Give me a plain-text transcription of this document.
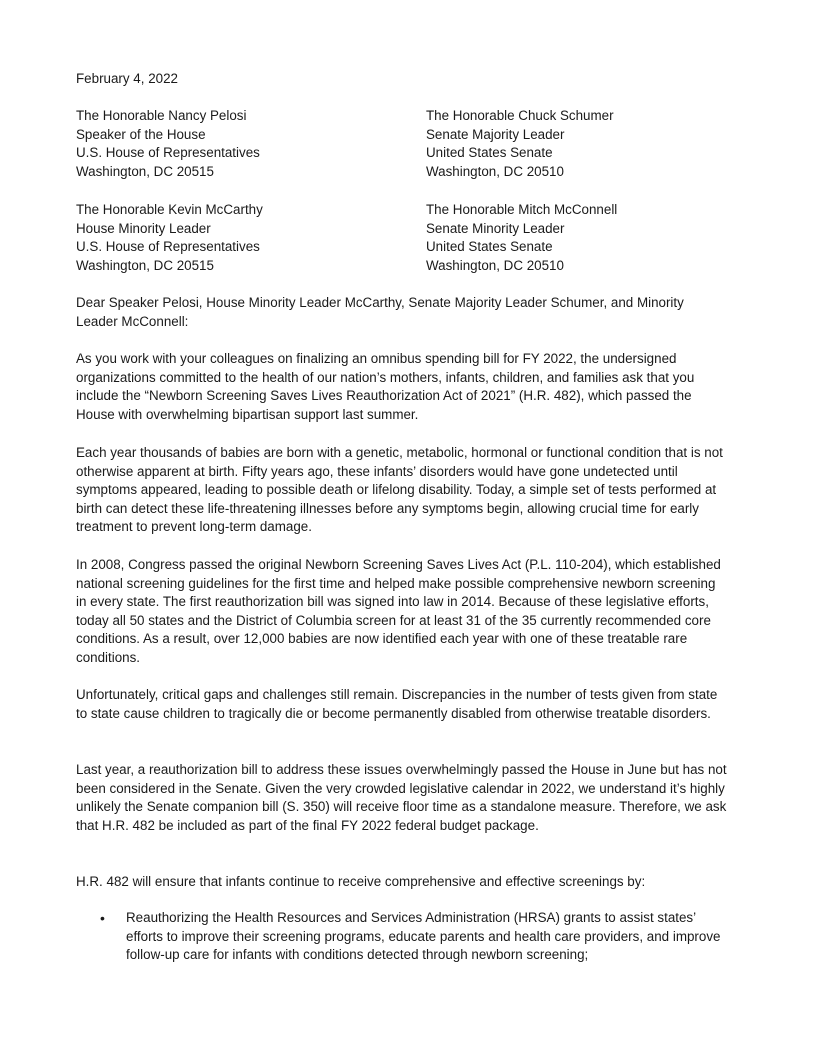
February 4, 2022
The Honorable Nancy Pelosi
Speaker of the House
U.S. House of Representatives
Washington, DC 20515
The Honorable Chuck Schumer
Senate Majority Leader
United States Senate
Washington, DC 20510
The Honorable Kevin McCarthy
House Minority Leader
U.S. House of Representatives
Washington, DC 20515
The Honorable Mitch McConnell
Senate Minority Leader
United States Senate
Washington, DC 20510

Dear Speaker Pelosi, House Minority Leader McCarthy, Senate Majority Leader Schumer, and Minority Leader McConnell:

As you work with your colleagues on finalizing an omnibus spending bill for FY 2022, the undersigned organizations committed to the health of our nation’s mothers, infants, children, and families ask that you include the “Newborn Screening Saves Lives Reauthorization Act of 2021” (H.R. 482), which passed the House with overwhelming bipartisan support last summer.

Each year thousands of babies are born with a genetic, metabolic, hormonal or functional condition that is not otherwise apparent at birth. Fifty years ago, these infants’ disorders would have gone undetected until symptoms appeared, leading to possible death or lifelong disability. Today, a simple set of tests performed at birth can detect these life-threatening illnesses before any symptoms begin, allowing crucial time for early treatment to prevent long-term damage.

In 2008, Congress passed the original Newborn Screening Saves Lives Act (P.L. 110-204), which established national screening guidelines for the first time and helped make possible comprehensive newborn screening in every state. The first reauthorization bill was signed into law in 2014. Because of these legislative efforts, today all 50 states and the District of Columbia screen for at least 31 of the 35 currently recommended core conditions. As a result, over 12,000 babies are now identified each year with one of these treatable rare conditions.

Unfortunately, critical gaps and challenges still remain. Discrepancies in the number of tests given from state to state cause children to tragically die or become permanently disabled from otherwise treatable disorders.

Last year, a reauthorization bill to address these issues overwhelmingly passed the House in June but has not been considered in the Senate. Given the very crowded legislative calendar in 2022, we understand it’s highly unlikely the Senate companion bill (S. 350) will receive floor time as a standalone measure. Therefore, we ask that H.R. 482 be included as part of the final FY 2022 federal budget package.

H.R. 482 will ensure that infants continue to receive comprehensive and effective screenings by:

• Reauthorizing the Health Resources and Services Administration (HRSA) grants to assist states’ efforts to improve their screening programs, educate parents and health care providers, and improve follow-up care for infants with conditions detected through newborn screening;
